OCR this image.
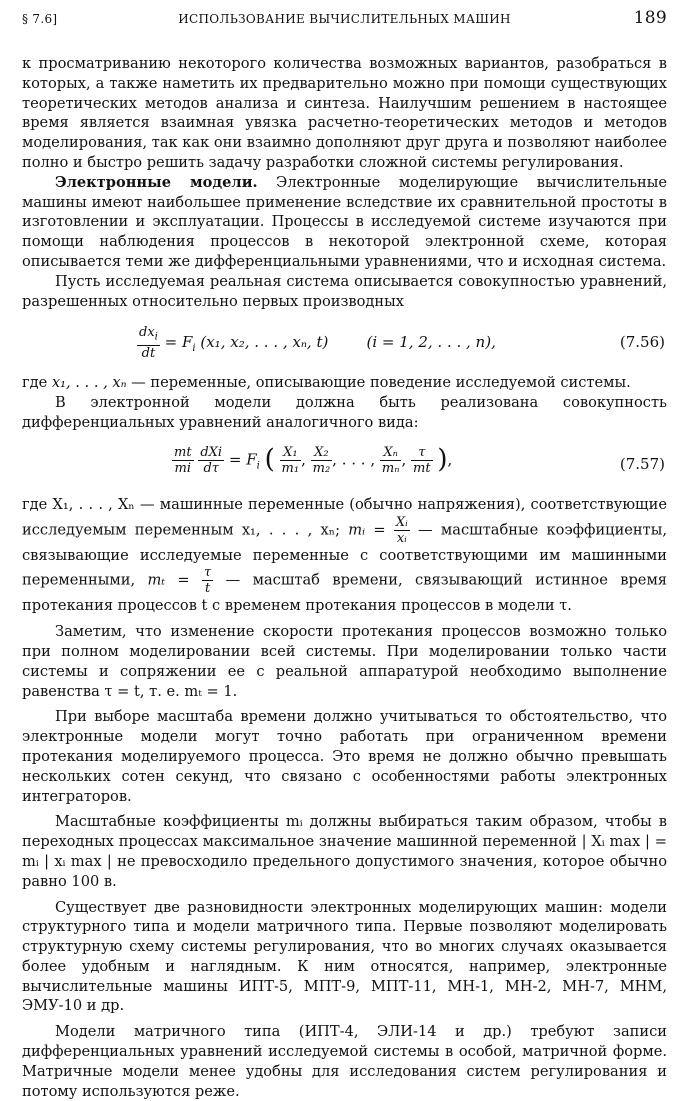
§ 7.6]	ИСПОЛЬЗОВАНИЕ ВЫЧИСЛИТЕЛЬНЫХ МАШИН	189

к просматриванию некоторого количества возможных вариантов, разобраться в которых, а также наметить их предварительно можно при помощи существующих теоретических методов анализа и синтеза. Наилучшим решением в настоящее время является взаимная увязка расчетно-теоретических методов и методов моделирования, так как они взаимно дополняют друг друга и позволяют наиболее полно и быстро решить задачу разработки сложной системы регулирования.

Электронные модели. Электронные моделирующие вычислительные машины имеют наибольшее применение вследствие их сравнительной простоты в изготовлении и эксплуатации. Процессы в исследуемой системе изучаются при помощи наблюдения процессов в некоторой электронной схеме, которая описывается теми же дифференциальными уравнениями, что и исходная система.

Пусть исследуемая реальная система описывается совокупностью уравнений, разрешенных относительно первых производных

$\frac{dx_i}{dt} = F_i$ (x₁, x₂, . . . , xₙ, t)	(i = 1, 2, . . . , n),	(7.56)

где x₁, . . . , xₙ — переменные, описывающие поведение исследуемой системы.

В электронной модели должна быть реализована совокупность дифференциальных уравнений аналогичного вида:

$\frac{mt}{mi}$
$\frac{\text{dXi}}{d\tau} = F_i$ ( $\frac{\text{X₁}}{\text{m₁}}$ , $\frac{\text{X₂}}{\text{m₂}}$ , . . . , $\frac{\text{Xₙ}}{\text{mₙ}}$ , $\frac{\tau}{mt}$ ),	(7.57)

где X₁, . . . , Xₙ — машинные переменные (обычно напряжения), соответствующие исследуемым переменным x₁, . . . , xₙ; mᵢ = $\frac{\text{Xᵢ}}{\text{xᵢ}}$ — масштабные коэффициенты, связывающие исследуемые переменные с соответствующими им машинными переменными, $m_t = \frac{\tau}{t}$ — масштаб времени, связывающий истинное время протекания процессов t с временем протекания процессов в модели τ.

Заметим, что изменение скорости протекания процессов возможно только при полном моделировании всей системы. При моделировании только части системы и сопряжении ее с реальной аппаратурой необходимо выполнение равенства τ = t, т. е. mₜ = 1.

При выборе масштаба времени должно учитываться то обстоятельство, что электронные модели могут точно работать при ограниченном времени протекания моделируемого процесса. Это время не должно обычно превышать нескольких сотен секунд, что связано с особенностями работы электронных интеграторов.

Масштабные коэффициенты mᵢ должны выбираться таким образом, чтобы в переходных процессах максимальное значение машинной переменной | Xᵢ max | = mᵢ | xᵢ max | не превосходило предельного допустимого значения, которое обычно равно 100 в.

Существует две разновидности электронных моделирующих машин: модели структурного типа и модели матричного типа. Первые позволяют моделировать структурную схему системы регулирования, что во многих случаях оказывается более удобным и наглядным. К ним относятся, например, электронные вычислительные машины ИПТ-5, МПТ-9, МПТ-11, МН-1, МН-2, МН-7, МНМ, ЭМУ-10 и др.

Модели матричного типа (ИПТ-4, ЭЛИ-14 и др.) требуют записи дифференциальных уравнений исследуемой системы в особой, матричной форме. Матричные модели менее удобны для исследования систем регулирования и потому используются реже.
